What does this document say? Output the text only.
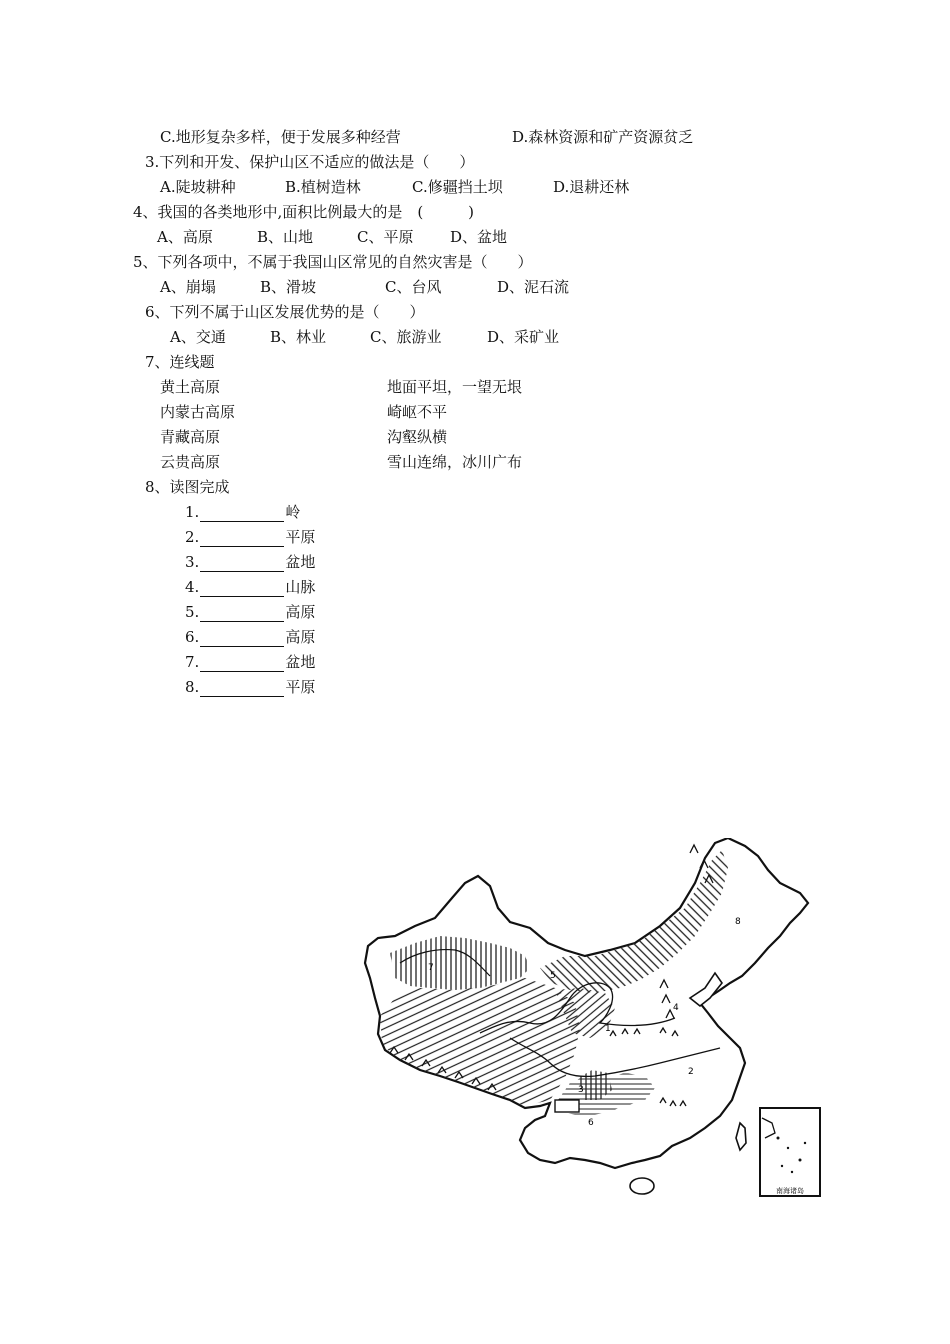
C.地形复杂多样，便于发展多种经营	D.森林资源和矿产资源贫乏
3.下列和开发、保护山区不适应的做法是（　　）
A.陡坡耕种	B.植树造林	C.修疆挡土坝	D.退耕还林
4、我国的各类地形中,面积比例最大的是　(　　　)
A、高原	B、山地	C、平原 D、盆地
5、下列各项中，不属于我国山区常见的自然灾害是（　　）
A、崩塌	B、滑坡	C、台风	D、泥石流
6、下列不属于山区发展优势的是（　　）
A、交通	B、林业	C、旅游业	D、采矿业
7、连线题
黄土高原	地面平坦，一望无垠
内蒙古高原	崎岖不平
青藏高原	沟壑纵横
云贵高原	雪山连绵，冰川广布
8、读图完成
1.	岭
2.	平原
3.	盆地
4.	山脉
5.	高原
6.	高原
7.	盆地
8.	平原
1
2
3
4
5
6
7
8
南海诸岛
